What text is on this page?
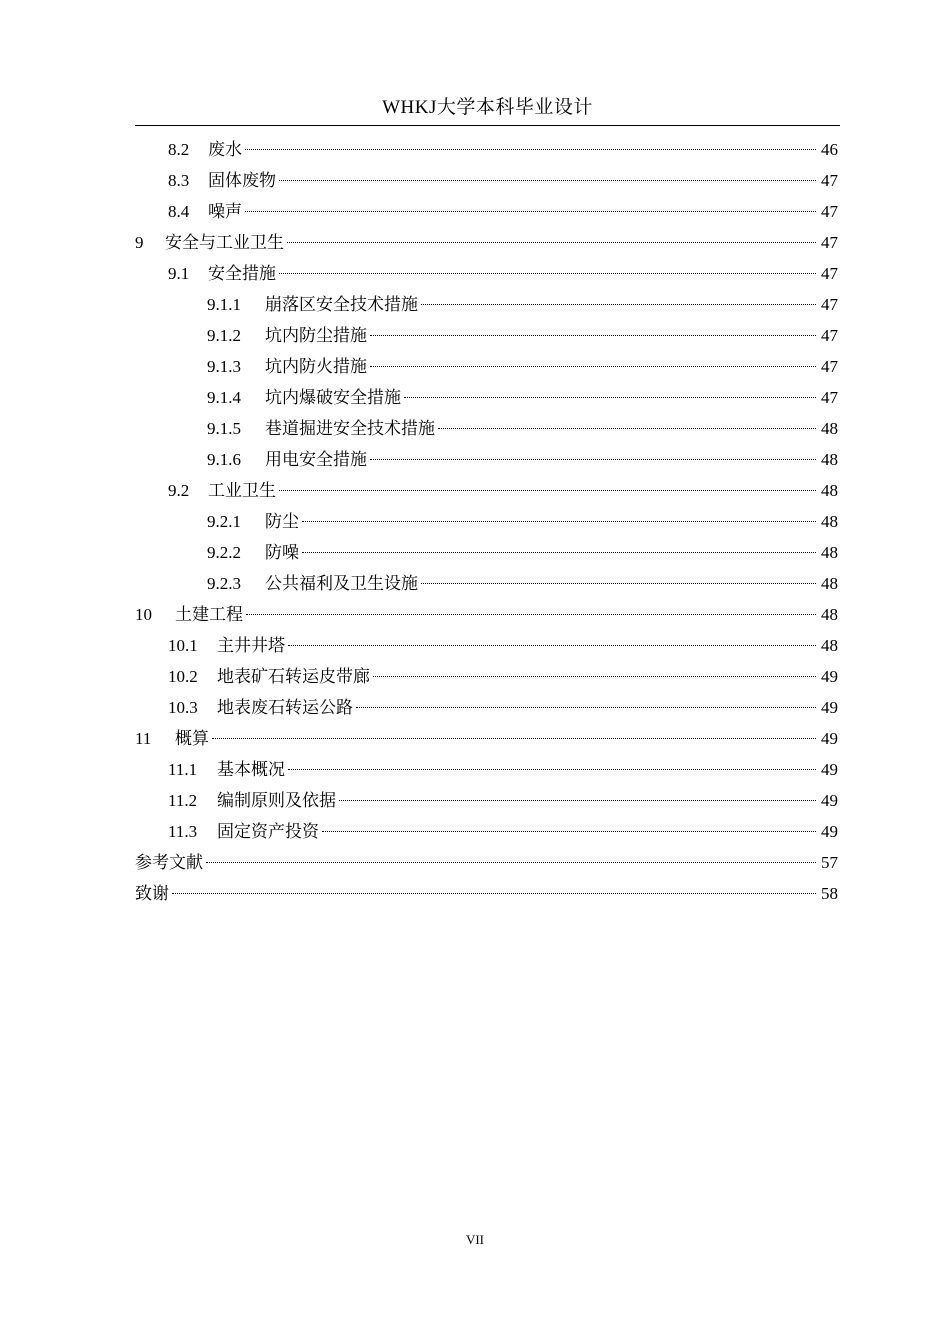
WHKJ大学本科毕业设计
8.2	废水	46
8.3	固体废物	47
8.4	噪声	47
9	安全与工业卫生	47
9.1	安全措施	47
9.1.1	崩落区安全技术措施	47
9.1.2	坑内防尘措施	47
9.1.3	坑内防火措施	47
9.1.4	坑内爆破安全措施	47
9.1.5	巷道掘进安全技术措施	48
9.1.6	用电安全措施	48
9.2	工业卫生	48
9.2.1	防尘	48
9.2.2	防噪	48
9.2.3	公共福利及卫生设施	48
10	土建工程	48
10.1	主井井塔	48
10.2	地表矿石转运皮带廊	49
10.3	地表废石转运公路	49
11	概算	49
11.1	基本概况	49
11.2	编制原则及依据	49
11.3	固定资产投资	49
参考文献	57
致谢	58
VII
